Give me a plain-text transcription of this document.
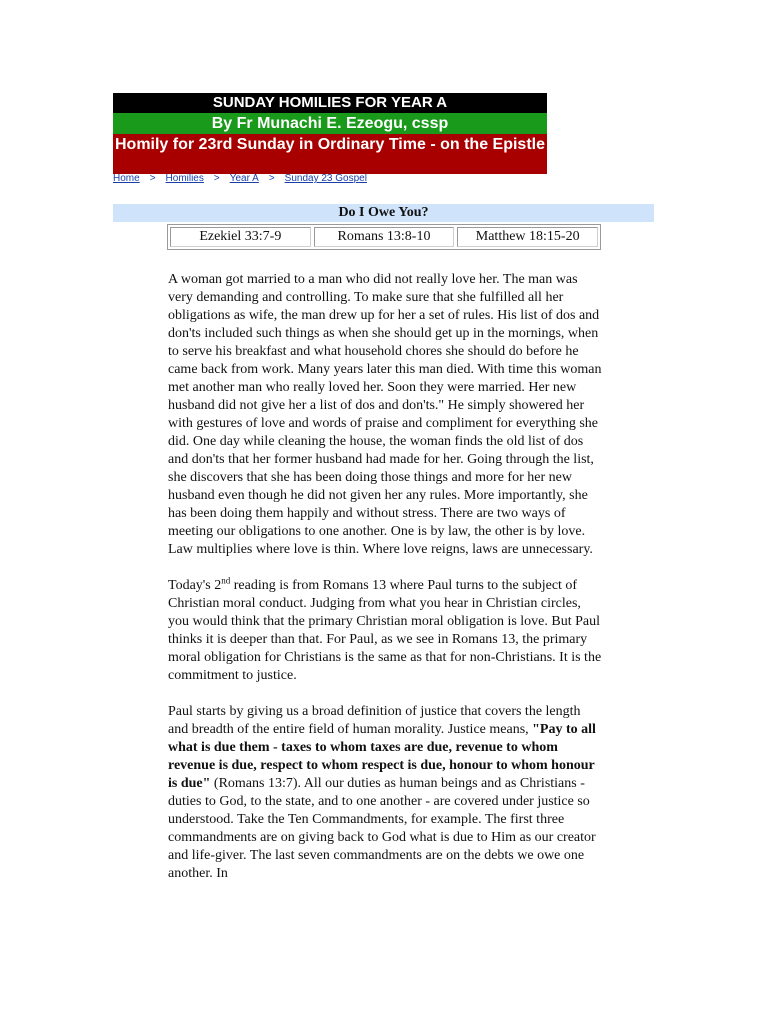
SUNDAY HOMILIES FOR YEAR A
By Fr Munachi E. Ezeogu, cssp
Homily for 23rd Sunday in Ordinary Time - on the Epistle
Home > Homilies > Year A > Sunday 23 Gospel
Do I Owe You?
Ezekiel 33:7-9	Romans 13:8-10	Matthew 18:15-20

A woman got married to a man who did not really love her. The man was very demanding and controlling. To make sure that she fulfilled all her obligations as wife, the man drew up for her a set of rules. His list of dos and don'ts included such things as when she should get up in the mornings, when to serve his breakfast and what household chores she should do before he came back from work. Many years later this man died. With time this woman met another man who really loved her. Soon they were married. Her new husband did not give her a list of dos and don'ts." He simply showered her with gestures of love and words of praise and compliment for everything she did. One day while cleaning the house, the woman finds the old list of dos and don'ts that her former husband had made for her. Going through the list, she discovers that she has been doing those things and more for her new husband even though he did not given her any rules. More importantly, she has been doing them happily and without stress. There are two ways of meeting our obligations to one another. One is by law, the other is by love. Law multiplies where love is thin. Where love reigns, laws are unnecessary.

Today's 2nd reading is from Romans 13 where Paul turns to the subject of Christian moral conduct. Judging from what you hear in Christian circles, you would think that the primary Christian moral obligation is love. But Paul thinks it is deeper than that. For Paul, as we see in Romans 13, the primary moral obligation for Christians is the same as that for non-Christians. It is the commitment to justice.

Paul starts by giving us a broad definition of justice that covers the length and breadth of the entire field of human morality. Justice means, "Pay to all what is due them - taxes to whom taxes are due, revenue to whom revenue is due, respect to whom respect is due, honour to whom honour is due" (Romans 13:7). All our duties as human beings and as Christians - duties to God, to the state, and to one another - are covered under justice so understood. Take the Ten Commandments, for example. The first three commandments are on giving back to God what is due to Him as our creator and life-giver. The last seven commandments are on the debts we owe one another. In
